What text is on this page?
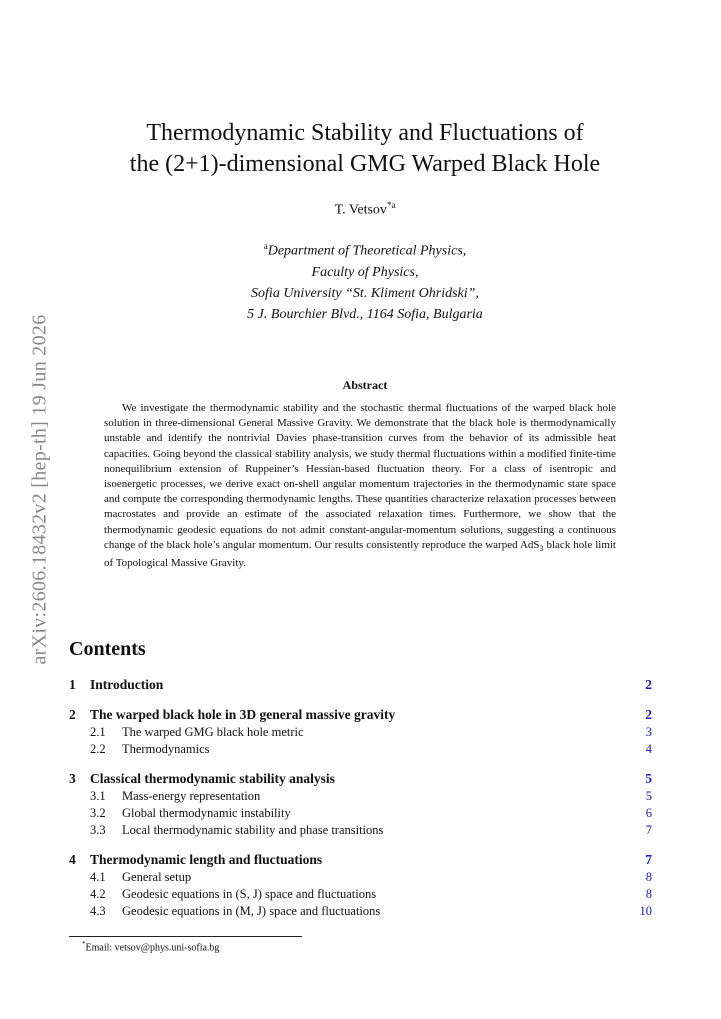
arXiv:2606.18432v2 [hep-th] 19 Jun 2026
Thermodynamic Stability and Fluctuations of
the (2+1)-dimensional GMG Warped Black Hole
T. Vetsov$^{*a}$
$^a$Department of Theoretical Physics,
Faculty of Physics,
Sofia University “St. Kliment Ohridski”,
5 J. Bourchier Blvd., 1164 Sofia, Bulgaria
Abstract

We investigate the thermodynamic stability and the stochastic thermal fluctuations of the warped black hole solution in three-dimensional General Massive Gravity. We demonstrate that the black hole is thermodynamically unstable and identify the nontrivial Davies phase-transition curves from the behavior of its admissible heat capacities. Going beyond the classical stability analysis, we study thermal fluctuations within a modified finite-time nonequilibrium extension of Ruppeiner’s Hessian-based fluctuation theory. For a class of isentropic and isoenergetic processes, we derive exact on-shell angular momentum trajectories in the thermodynamic state space and compute the corresponding thermodynamic lengths. These quantities characterize relaxation processes between macrostates and provide an estimate of the associated relaxation times. Furthermore, we show that the thermodynamic geodesic equations do not admit constant-angular-momentum solutions, suggesting a continuous change of the black hole’s angular momentum. Our results consistently reproduce the warped AdS$_3$ black hole limit of Topological Massive Gravity.

Contents
1	Introduction	2
2	The warped black hole in 3D general massive gravity	2
2.1	The warped GMG black hole metric	3
2.2	Thermodynamics	4
3	Classical thermodynamic stability analysis	5
3.1	Mass-energy representation	5
3.2	Global thermodynamic instability	6
3.3	Local thermodynamic stability and phase transitions	7
4	Thermodynamic length and fluctuations	7
4.1	General setup	8
4.2	Geodesic equations in (S, J) space and fluctuations	8
4.3	Geodesic equations in (M, J) space and fluctuations	10
*Email: vetsov@phys.uni-sofia.bg
